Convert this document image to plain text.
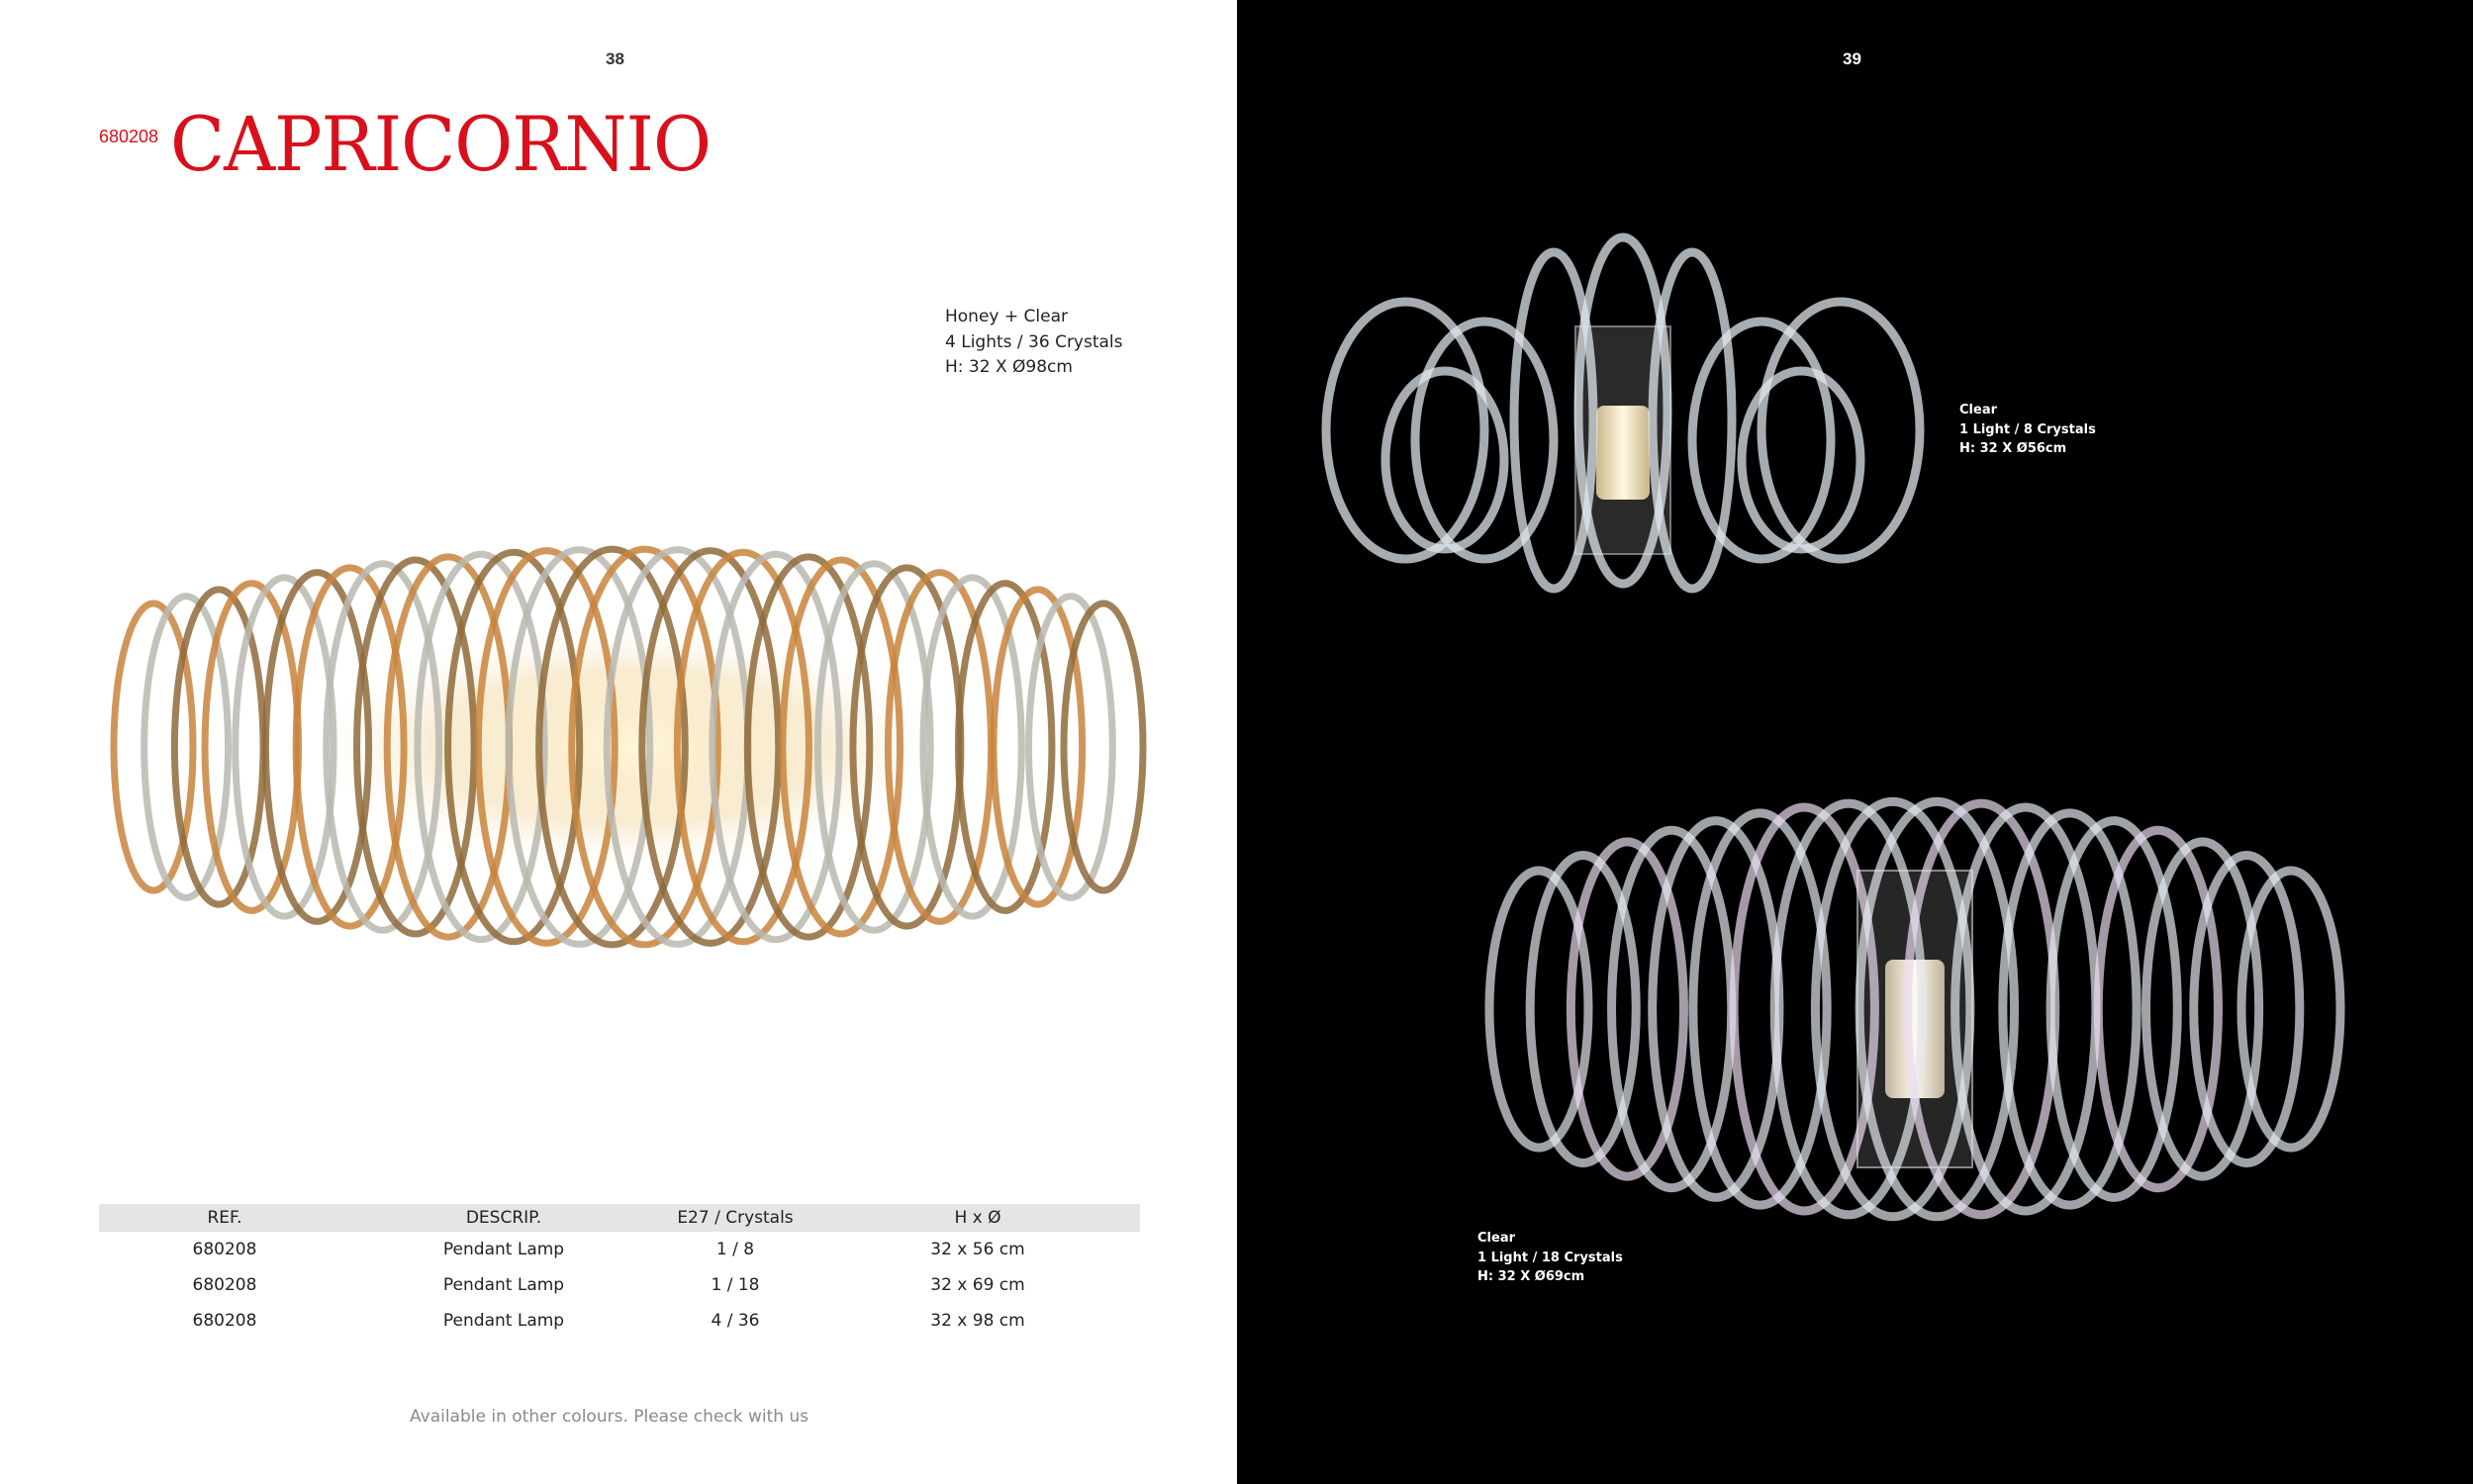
38
680208 CAPRICORNIO
Honey + Clear
4 Lights / 36 Crystals
H: 32 X Ø98cm
REF.	DESCRIP.	E27 / Crystals	H x Ø
680208	Pendant Lamp	1 / 8	32 x 56 cm
680208	Pendant Lamp	1 / 18	32 x 69 cm
680208	Pendant Lamp	4 / 36	32 x 98 cm
Available in other colours. Please check with us
39
Clear
1 Light / 8 Crystals
H: 32 X Ø56cm
Clear
1 Light / 18 Crystals
H: 32 X Ø69cm
